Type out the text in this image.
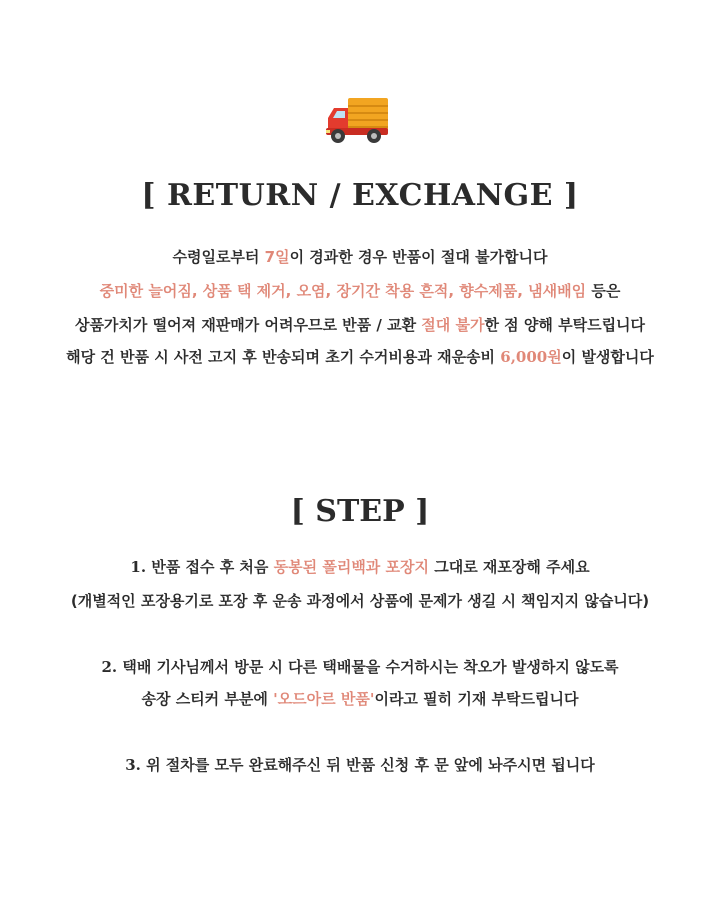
[ RETURN / EXCHANGE ]
수령일로부터 7일이 경과한 경우 반품이 절대 불가합니다
중미한 늘어짐, 상품 택 제거, 오염, 장기간 착용 흔적, 향수제품, 냄새배임 등은
상품가치가 떨어져 재판매가 어려우므로 반품 / 교환 절대 불가한 점 양해 부탁드립니다
해당 건 반품 시 사전 고지 후 반송되며 초기 수거비용과 재운송비 6,000원이 발생합니다
[ STEP ]
1. 반품 접수 후 처음 동봉된 폴리백과 포장지 그대로 재포장해 주세요
(개별적인 포장용기로 포장 후 운송 과정에서 상품에 문제가 생길 시 책임지지 않습니다)
2. 택배 기사님께서 방문 시 다른 택배물을 수거하시는 착오가 발생하지 않도록
송장 스티커 부분에 '오드아르 반품'이라고 필히 기재 부탁드립니다
3. 위 절차를 모두 완료해주신 뒤 반품 신청 후 문 앞에 놔주시면 됩니다
